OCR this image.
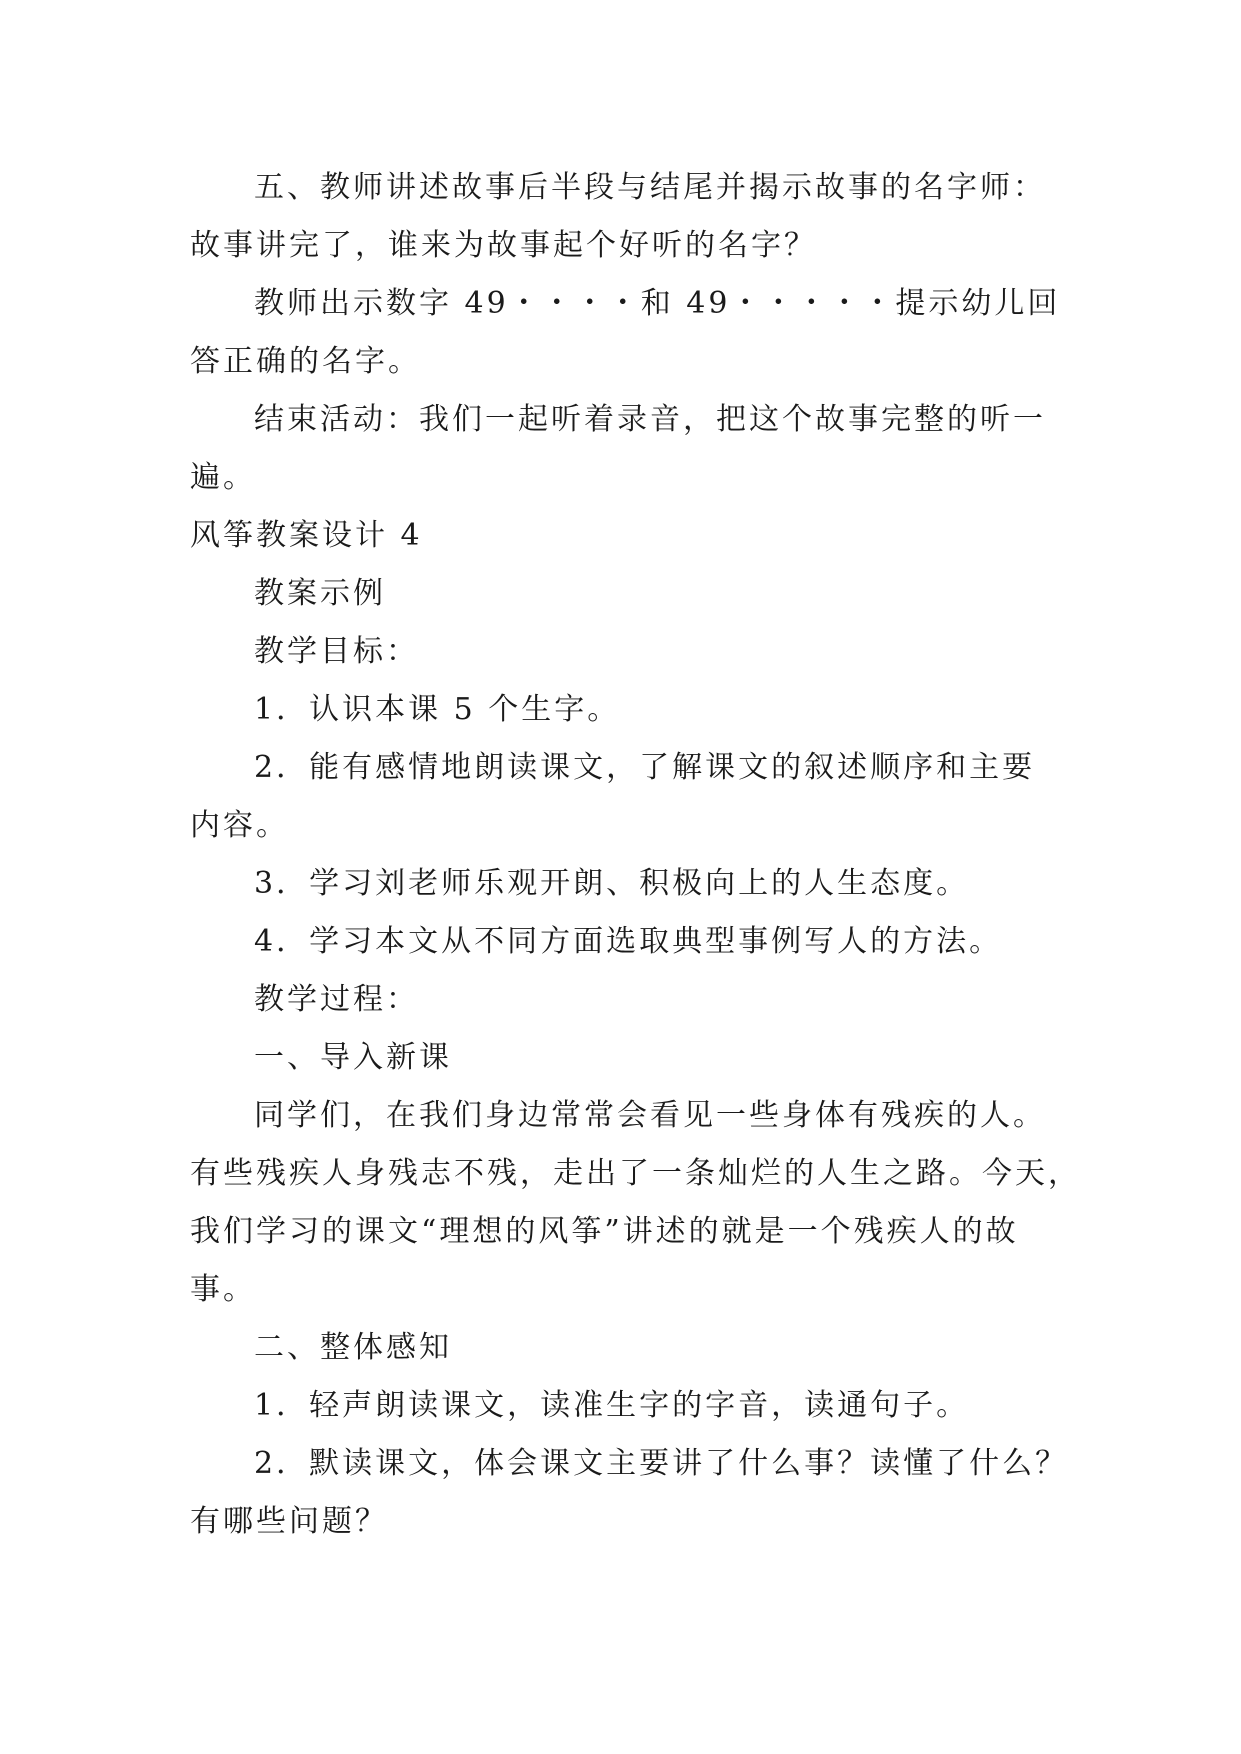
五、教师讲述故事后半段与结尾并揭示故事的名字师：
故事讲完了，谁来为故事起个好听的名字？
教师出示数字 49・・・・和 49・・・・・提示幼儿回
答正确的名字。
结束活动：我们一起听着录音，把这个故事完整的听一
遍。
风筝教案设计 4
教案示例
教学目标：
1．认识本课 5 个生字。
2．能有感情地朗读课文，了解课文的叙述顺序和主要
内容。
3．学习刘老师乐观开朗、积极向上的人生态度。
4．学习本文从不同方面选取典型事例写人的方法。
教学过程：
一、导入新课
同学们，在我们身边常常会看见一些身体有残疾的人。
有些残疾人身残志不残，走出了一条灿烂的人生之路。今天，
我们学习的课文“理想的风筝”讲述的就是一个残疾人的故
事。
二、整体感知
1．轻声朗读课文，读准生字的字音，读通句子。
2．默读课文，体会课文主要讲了什么事？读懂了什么？
有哪些问题？
